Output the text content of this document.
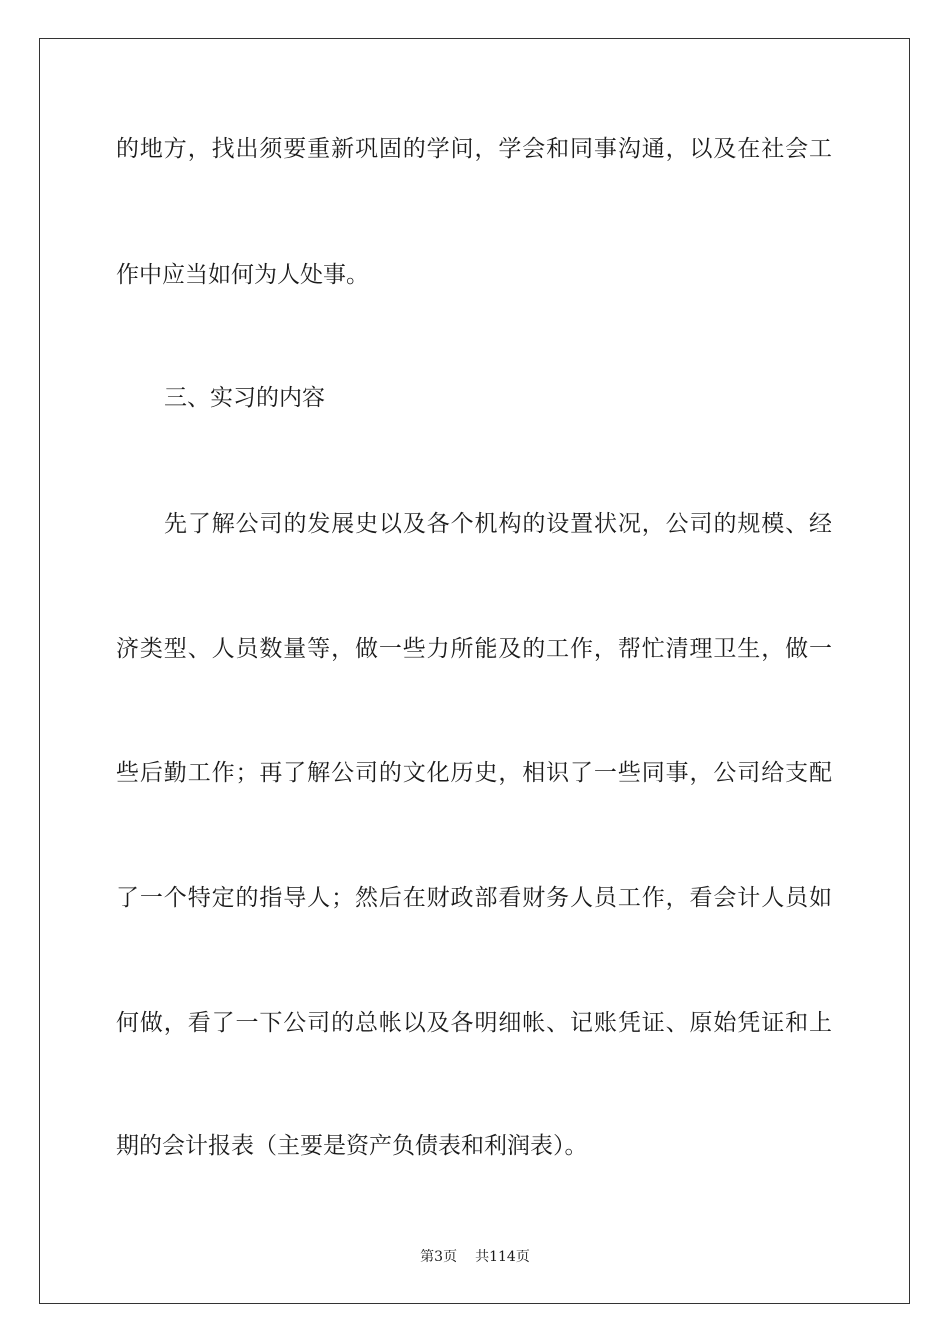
的地方，找出须要重新巩固的学问，学会和同事沟通，以及在社会工
作中应当如何为人处事。
三、实习的内容
先了解公司的发展史以及各个机构的设置状况，公司的规模、经
济类型、人员数量等，做一些力所能及的工作，帮忙清理卫生，做一
些后勤工作；再了解公司的文化历史，相识了一些同事，公司给支配
了一个特定的指导人；然后在财政部看财务人员工作，看会计人员如
何做，看了一下公司的总帐以及各明细帐、记账凭证、原始凭证和上
期的会计报表（主要是资产负债表和利润表）。
第3页 共114页
